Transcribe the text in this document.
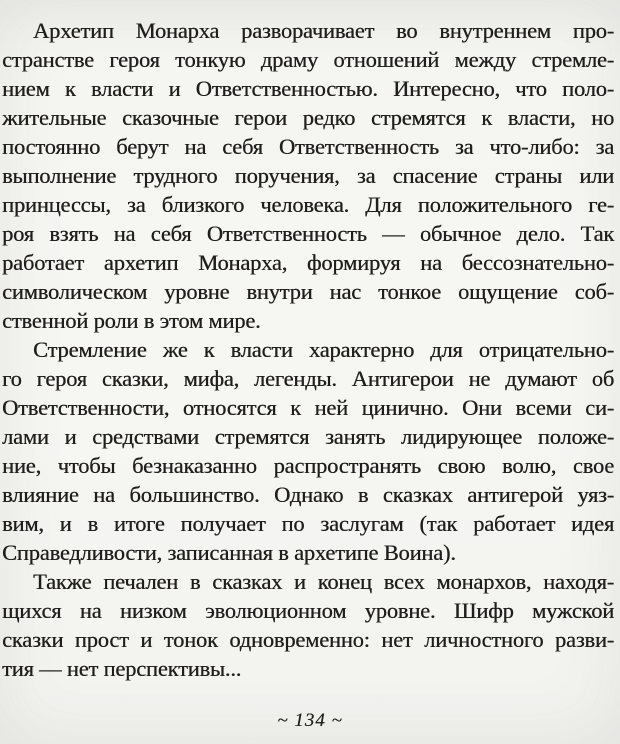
Архетип Монарха разворачивает во внутреннем про-
странстве героя тонкую драму отношений между стремле-
нием к власти и Ответственностью. Интересно, что поло-
жительные сказочные герои редко стремятся к власти, но
постоянно берут на себя Ответственность за что-либо: за
выполнение трудного поручения, за спасение страны или
принцессы, за близкого человека. Для положительного ге-
роя взять на себя Ответственность — обычное дело. Так
работает архетип Монарха, формируя на бессознательно-
символическом уровне внутри нас тонкое ощущение соб-
ственной роли в этом мире.
Стремление же к власти характерно для отрицательно-
го героя сказки, мифа, легенды. Антигерои не думают об
Ответственности, относятся к ней цинично. Они всеми си-
лами и средствами стремятся занять лидирующее положе-
ние, чтобы безнаказанно распространять свою волю, свое
влияние на большинство. Однако в сказках антигерой уяз-
вим, и в итоге получает по заслугам (так работает идея
Справедливости, записанная в архетипе Воина).
Также печален в сказках и конец всех монархов, находя-
щихся на низком эволюционном уровне. Шифр мужской
сказки прост и тонок одновременно: нет личностного разви-
тия — нет перспективы...
~ 134 ~
